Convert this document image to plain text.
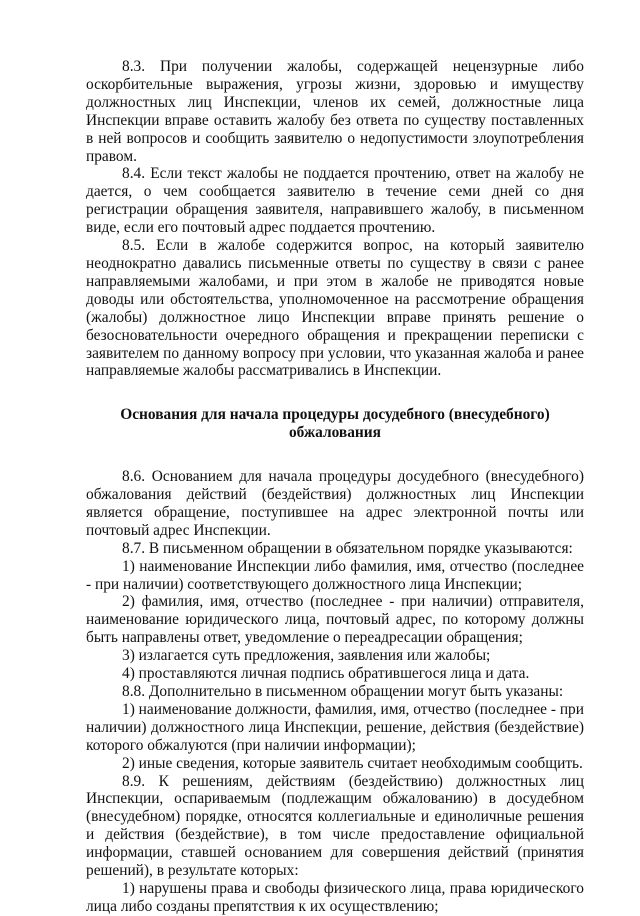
8.3. При получении жалобы, содержащей нецензурные либо оскорбительные выражения, угрозы жизни, здоровью и имуществу должностных лиц Инспекции, членов их семей, должностные лица Инспекции вправе оставить жалобу без ответа по существу поставленных в ней вопросов и сообщить заявителю о недопустимости злоупотребления правом.

8.4. Если текст жалобы не поддается прочтению, ответ на жалобу не дается, о чем сообщается заявителю в течение семи дней со дня регистрации обращения заявителя, направившего жалобу, в письменном виде, если его почтовый адрес поддается прочтению.

8.5. Если в жалобе содержится вопрос, на который заявителю неоднократно давались письменные ответы по существу в связи с ранее направляемыми жалобами, и при этом в жалобе не приводятся новые доводы или обстоятельства, уполномоченное на рассмотрение обращения (жалобы) должностное лицо Инспекции вправе принять решение о безосновательности очередного обращения и прекращении переписки с заявителем по данному вопросу при условии, что указанная жалоба и ранее направляемые жалобы рассматривались в Инспекции.

Основания для начала процедуры досудебного (внесудебного) обжалования

8.6. Основанием для начала процедуры досудебного (внесудебного) обжалования действий (бездействия) должностных лиц Инспекции является обращение, поступившее на адрес электронной почты или почтовый адрес Инспекции.

8.7. В письменном обращении в обязательном порядке указываются:

1) наименование Инспекции либо фамилия, имя, отчество (последнее - при наличии) соответствующего должностного лица Инспекции;

2) фамилия, имя, отчество (последнее - при наличии) отправителя, наименование юридического лица, почтовый адрес, по которому должны быть направлены ответ, уведомление о переадресации обращения;

3) излагается суть предложения, заявления или жалобы;

4) проставляются личная подпись обратившегося лица и дата.

8.8. Дополнительно в письменном обращении могут быть указаны:

1) наименование должности, фамилия, имя, отчество (последнее - при наличии) должностного лица Инспекции, решение, действия (бездействие) которого обжалуются (при наличии информации);

2) иные сведения, которые заявитель считает необходимым сообщить.

8.9. К решениям, действиям (бездействию) должностных лиц Инспекции, оспариваемым (подлежащим обжалованию) в досудебном (внесудебном) порядке, относятся коллегиальные и единоличные решения и действия (бездействие), в том числе предоставление официальной информации, ставшей основанием для совершения действий (принятия решений), в результате которых:

1) нарушены права и свободы физического лица, права юридического лица либо созданы препятствия к их осуществлению;
